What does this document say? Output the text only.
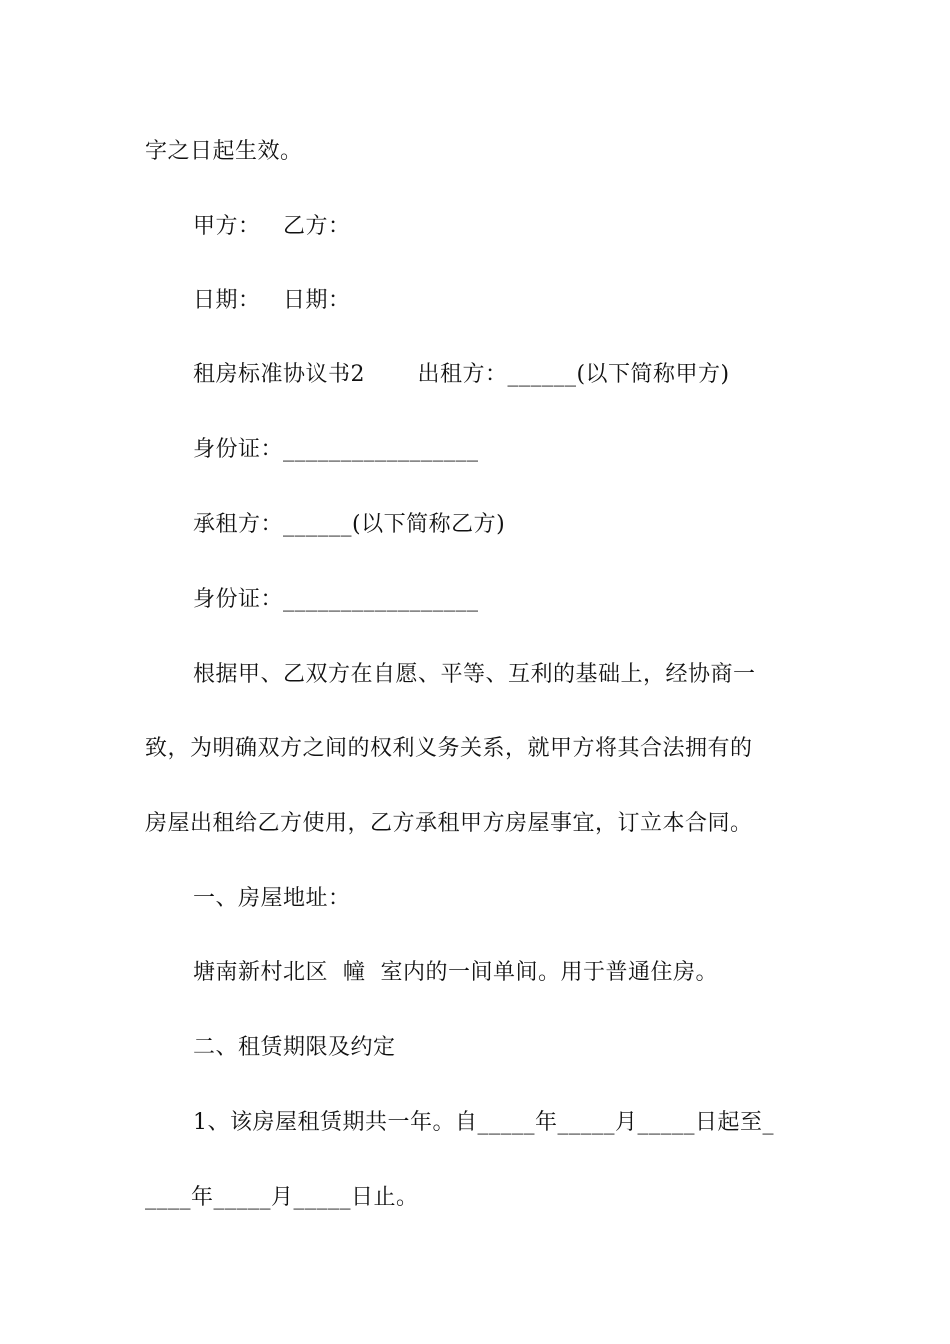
字之日起生效。
甲方：   乙方：
日期：   日期：
租房标准协议书2       出租方：______(以下简称甲方)
身份证：_________________
承租方：______(以下简称乙方)
身份证：_________________
根据甲、乙双方在自愿、平等、互利的基础上，经协商一
致，为明确双方之间的权利义务关系，就甲方将其合法拥有的
房屋出租给乙方使用，乙方承租甲方房屋事宜，订立本合同。
一、房屋地址：
塘南新村北区  幢  室内的一间单间。用于普通住房。
二、租赁期限及约定
1、该房屋租赁期共一年。自_____年_____月_____日起至_
____年_____月_____日止。
